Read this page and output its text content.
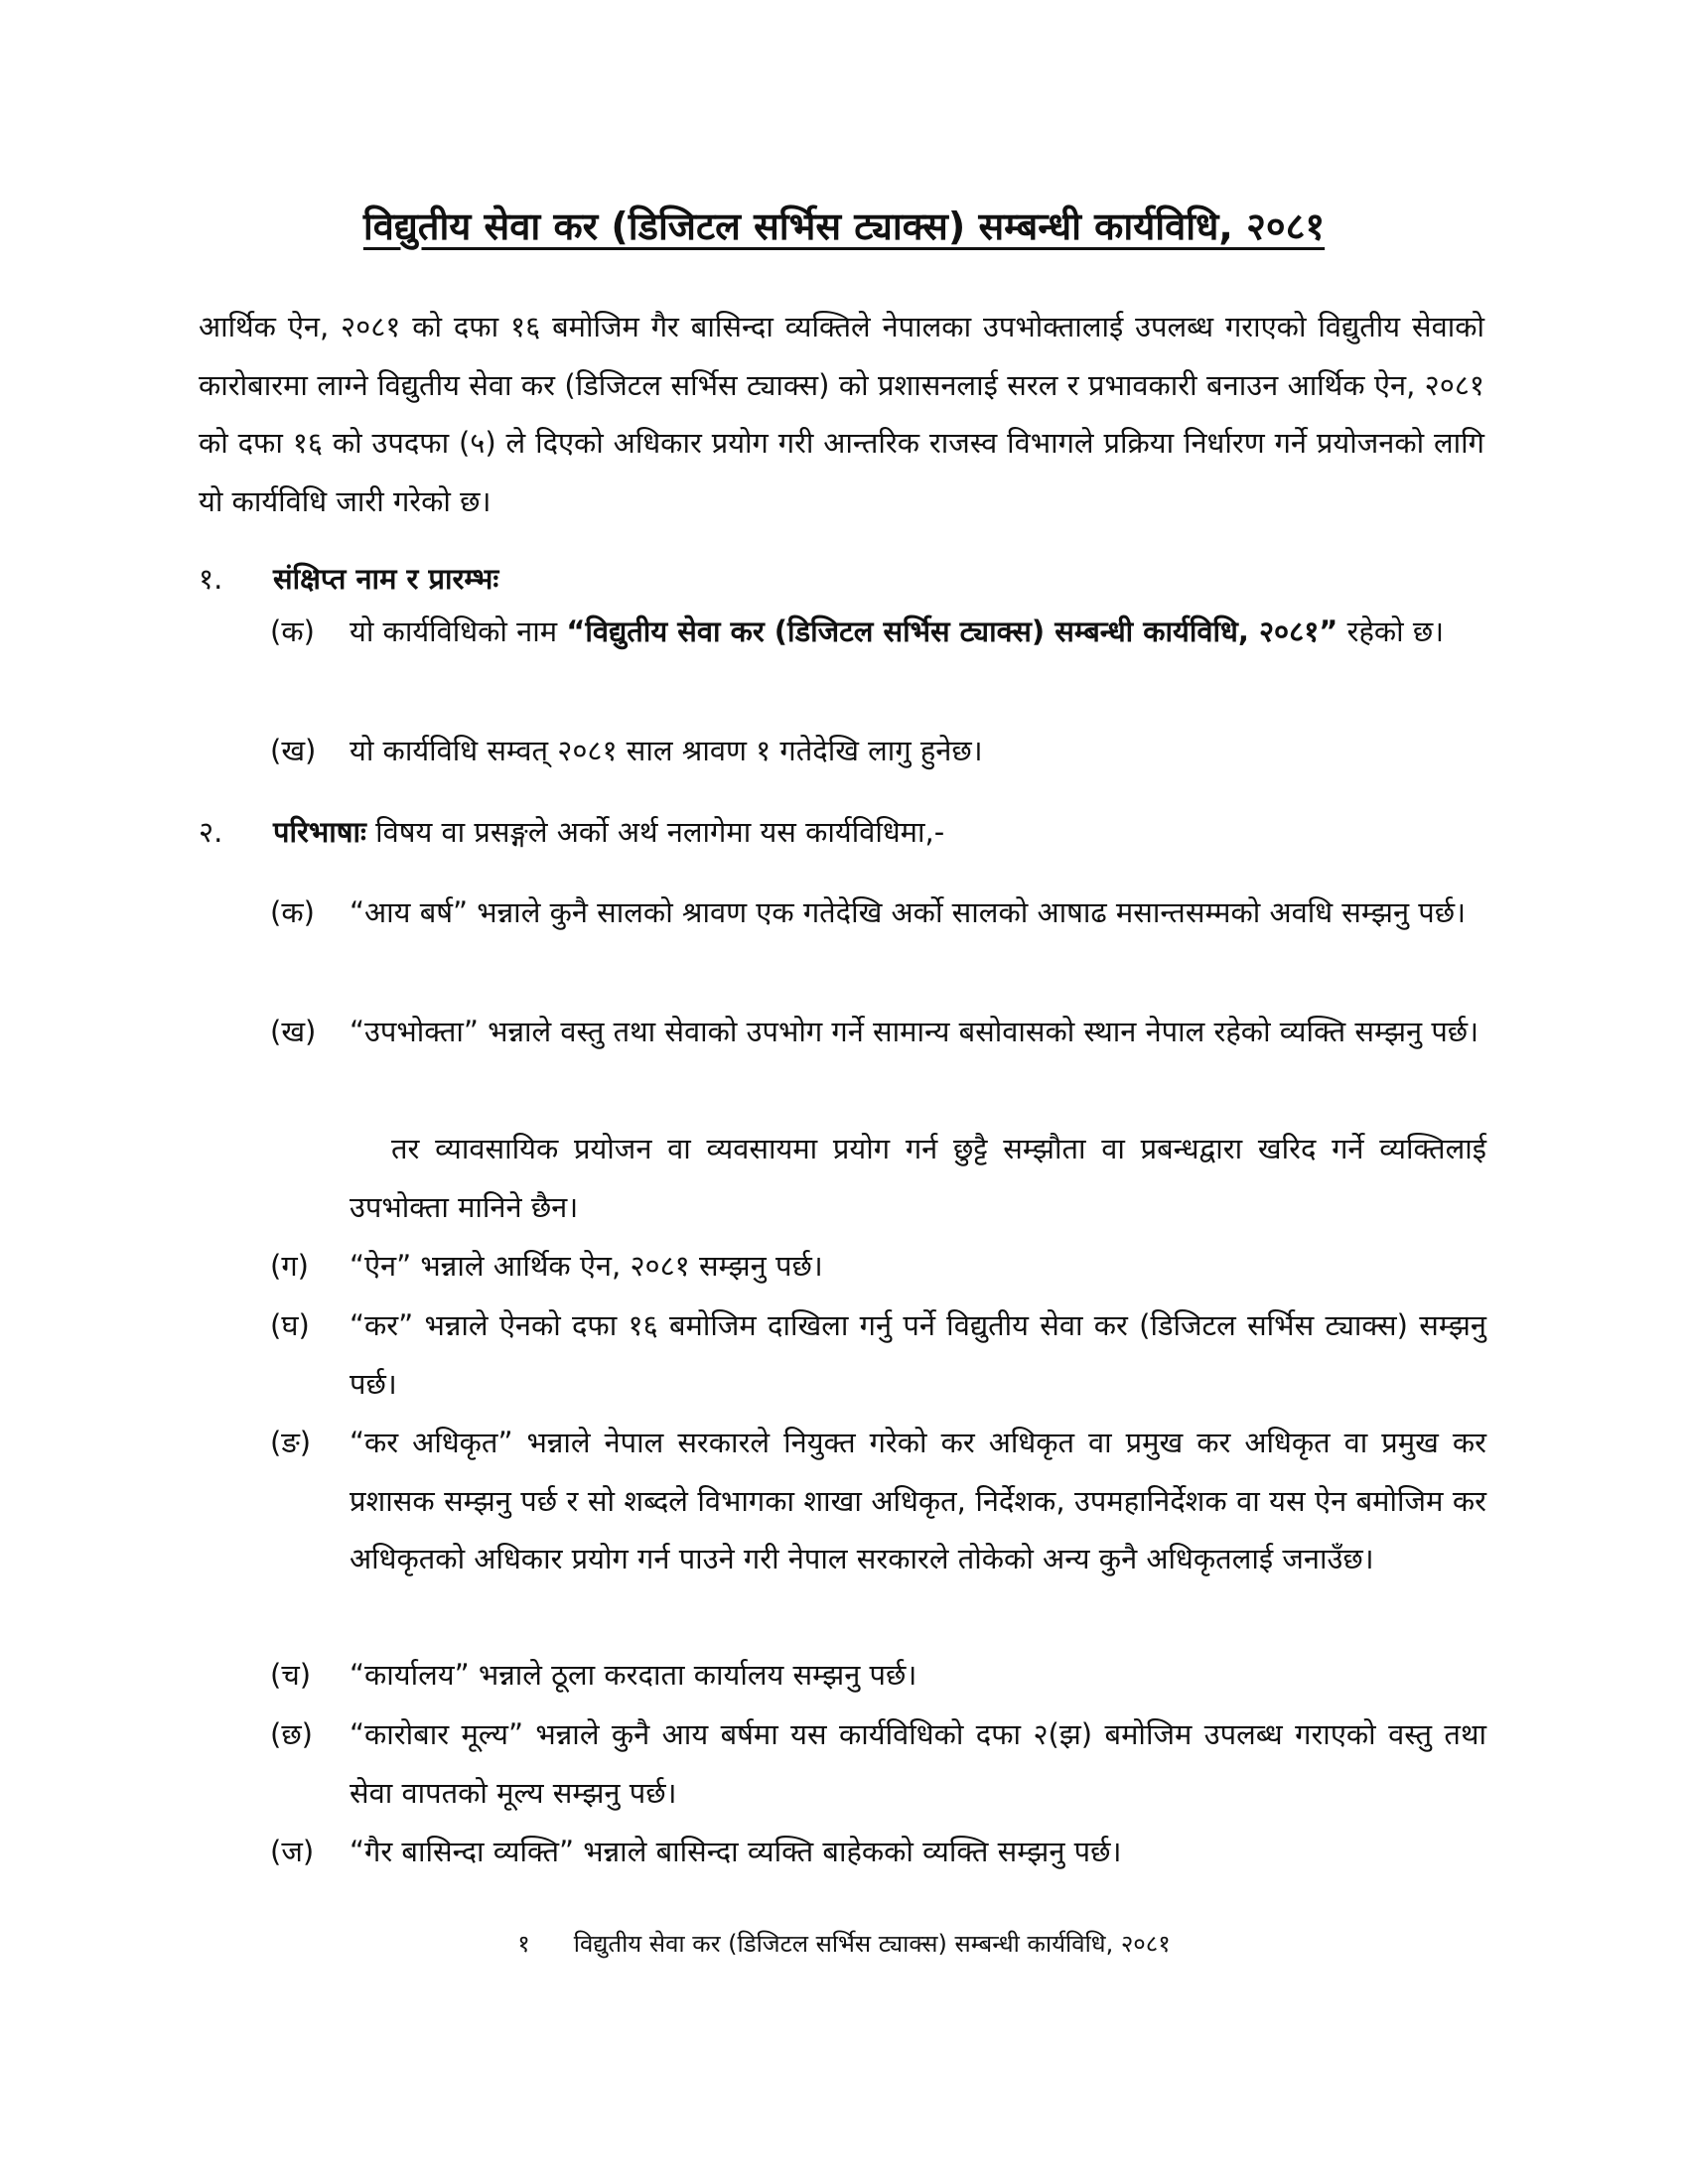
विद्युतीय सेवा कर (डिजिटल सर्भिस ट्याक्स) सम्बन्धी कार्यविधि, २०८१
आर्थिक ऐन, २०८१ को दफा १६ बमोजिम गैर बासिन्दा व्यक्तिले नेपालका उपभोक्तालाई उपलब्ध गराएको विद्युतीय सेवाको कारोबारमा लाग्ने विद्युतीय सेवा कर (डिजिटल सर्भिस ट्याक्स) को प्रशासनलाई सरल र प्रभावकारी बनाउन आर्थिक ऐन, २०८१ को दफा १६ को उपदफा (५) ले दिएको अधिकार प्रयोग गरी आन्तरिक राजस्व विभागले प्रक्रिया निर्धारण गर्ने प्रयोजनको लागि यो कार्यविधि जारी गरेको छ।
१. संक्षिप्त नाम र प्रारम्भः
(क)	यो कार्यविधिको नाम “विद्युतीय सेवा कर (डिजिटल सर्भिस ट्याक्स) सम्बन्धी कार्यविधि, २०८१” रहेको छ।
(ख)	यो कार्यविधि सम्वत् २०८१ साल श्रावण १ गतेदेखि लागु हुनेछ।
२. परिभाषाः विषय वा प्रसङ्गले अर्को अर्थ नलागेमा यस कार्यविधिमा,-
(क)	“आय बर्ष” भन्नाले कुनै सालको श्रावण एक गतेदेखि अर्को सालको आषाढ मसान्तसम्मको अवधि सम्झनु पर्छ।
(ख)	“उपभोक्ता” भन्नाले वस्तु तथा सेवाको उपभोग गर्ने सामान्य बसोवासको स्थान नेपाल रहेको व्यक्ति सम्झनु पर्छ।
तर व्यावसायिक प्रयोजन वा व्यवसायमा प्रयोग गर्न छुट्टै सम्झौता वा प्रबन्धद्वारा खरिद गर्ने व्यक्तिलाई उपभोक्ता मानिने छैन।
(ग)	“ऐन” भन्नाले आर्थिक ऐन, २०८१ सम्झनु पर्छ।
(घ)	“कर” भन्नाले ऐनको दफा १६ बमोजिम दाखिला गर्नु पर्ने विद्युतीय सेवा कर (डिजिटल सर्भिस ट्याक्स) सम्झनु पर्छ।
(ङ)	“कर अधिकृत” भन्नाले नेपाल सरकारले नियुक्त गरेको कर अधिकृत वा प्रमुख कर अधिकृत वा प्रमुख कर प्रशासक सम्झनु पर्छ र सो शब्दले विभागका शाखा अधिकृत, निर्देशक, उपमहानिर्देशक वा यस ऐन बमोजिम कर अधिकृतको अधिकार प्रयोग गर्न पाउने गरी नेपाल सरकारले तोकेको अन्य कुनै अधिकृतलाई जनाउँछ।
(च)	“कार्यालय” भन्नाले ठूला करदाता कार्यालय सम्झनु पर्छ।
(छ)	“कारोबार मूल्य” भन्नाले कुनै आय बर्षमा यस कार्यविधिको दफा २(झ) बमोजिम उपलब्ध गराएको वस्तु तथा सेवा वापतको मूल्य सम्झनु पर्छ।
(ज)	“गैर बासिन्दा व्यक्ति” भन्नाले बासिन्दा व्यक्ति बाहेकको व्यक्ति सम्झनु पर्छ।
१ विद्युतीय सेवा कर (डिजिटल सर्भिस ट्याक्स) सम्बन्धी कार्यविधि, २०८१
